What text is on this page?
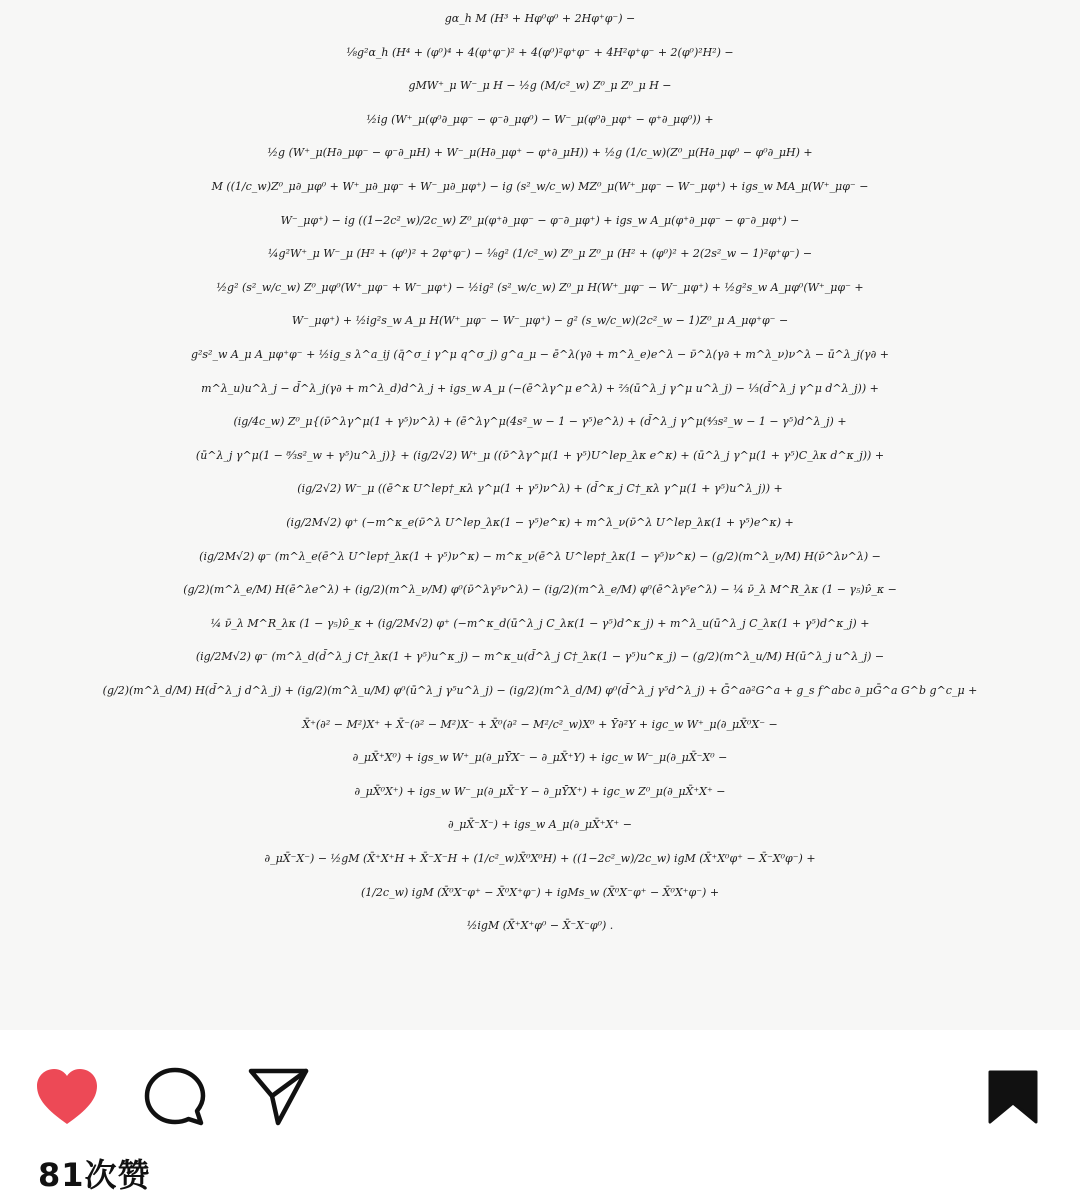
gα_h M (H³ + Hφ⁰φ⁰ + 2Hφ⁺φ⁻) −
⅛g²α_h (H⁴ + (φ⁰)⁴ + 4(φ⁺φ⁻)² + 4(φ⁰)²φ⁺φ⁻ + 4H²φ⁺φ⁻ + 2(φ⁰)²H²) −
gMW⁺_μ W⁻_μ H − ½g (M/c²_w) Z⁰_μ Z⁰_μ H −
½ig (W⁺_μ(φ⁰∂_μφ⁻ − φ⁻∂_μφ⁰) − W⁻_μ(φ⁰∂_μφ⁺ − φ⁺∂_μφ⁰)) +
½g (W⁺_μ(H∂_μφ⁻ − φ⁻∂_μH) + W⁻_μ(H∂_μφ⁺ − φ⁺∂_μH)) + ½g (1/c_w)(Z⁰_μ(H∂_μφ⁰ − φ⁰∂_μH) +
M ((1/c_w)Z⁰_μ∂_μφ⁰ + W⁺_μ∂_μφ⁻ + W⁻_μ∂_μφ⁺) − ig (s²_w/c_w) MZ⁰_μ(W⁺_μφ⁻ − W⁻_μφ⁺) + igs_w MA_μ(W⁺_μφ⁻ −
W⁻_μφ⁺) − ig ((1−2c²_w)/2c_w) Z⁰_μ(φ⁺∂_μφ⁻ − φ⁻∂_μφ⁺) + igs_w A_μ(φ⁺∂_μφ⁻ − φ⁻∂_μφ⁺) −
¼g²W⁺_μ W⁻_μ (H² + (φ⁰)² + 2φ⁺φ⁻) − ⅛g² (1/c²_w) Z⁰_μ Z⁰_μ (H² + (φ⁰)² + 2(2s²_w − 1)²φ⁺φ⁻) −
½g² (s²_w/c_w) Z⁰_μφ⁰(W⁺_μφ⁻ + W⁻_μφ⁺) − ½ig² (s²_w/c_w) Z⁰_μ H(W⁺_μφ⁻ − W⁻_μφ⁺) + ½g²s_w A_μφ⁰(W⁺_μφ⁻ +
W⁻_μφ⁺) + ½ig²s_w A_μ H(W⁺_μφ⁻ − W⁻_μφ⁺) − g² (s_w/c_w)(2c²_w − 1)Z⁰_μ A_μφ⁺φ⁻ −
g²s²_w A_μ A_μφ⁺φ⁻ + ½ig_s λ^a_ij (q̄^σ_i γ^μ q^σ_j) g^a_μ − ē^λ(γ∂ + m^λ_e)e^λ − ν̄^λ(γ∂ + m^λ_ν)ν^λ − ū^λ_j(γ∂ +
m^λ_u)u^λ_j − d̄^λ_j(γ∂ + m^λ_d)d^λ_j + igs_w A_μ (−(ē^λγ^μ e^λ) + ⅔(ū^λ_j γ^μ u^λ_j) − ⅓(d̄^λ_j γ^μ d^λ_j)) +
(ig/4c_w) Z⁰_μ{(ν̄^λγ^μ(1 + γ⁵)ν^λ) + (ē^λγ^μ(4s²_w − 1 − γ⁵)e^λ) + (d̄^λ_j γ^μ(⁴⁄₃s²_w − 1 − γ⁵)d^λ_j) +
(ū^λ_j γ^μ(1 − ⁸⁄₃s²_w + γ⁵)u^λ_j)} + (ig/2√2) W⁺_μ ((ν̄^λγ^μ(1 + γ⁵)U^lep_λκ e^κ) + (ū^λ_j γ^μ(1 + γ⁵)C_λκ d^κ_j)) +
(ig/2√2) W⁻_μ ((ē^κ U^lep†_κλ γ^μ(1 + γ⁵)ν^λ) + (d̄^κ_j C†_κλ γ^μ(1 + γ⁵)u^λ_j)) +
(ig/2M√2) φ⁺ (−m^κ_e(ν̄^λ U^lep_λκ(1 − γ⁵)e^κ) + m^λ_ν(ν̄^λ U^lep_λκ(1 + γ⁵)e^κ) +
(ig/2M√2) φ⁻ (m^λ_e(ē^λ U^lep†_λκ(1 + γ⁵)ν^κ) − m^κ_ν(ē^λ U^lep†_λκ(1 − γ⁵)ν^κ) − (g/2)(m^λ_ν/M) H(ν̄^λν^λ) −
(g/2)(m^λ_e/M) H(ē^λe^λ) + (ig/2)(m^λ_ν/M) φ⁰(ν̄^λγ⁵ν^λ) − (ig/2)(m^λ_e/M) φ⁰(ē^λγ⁵e^λ) − ¼ ν̄_λ M^R_λκ (1 − γ₅)ν̂_κ −
¼ ν̄_λ M^R_λκ (1 − γ₅)ν̂_κ + (ig/2M√2) φ⁺ (−m^κ_d(ū^λ_j C_λκ(1 − γ⁵)d^κ_j) + m^λ_u(ū^λ_j C_λκ(1 + γ⁵)d^κ_j) +
(ig/2M√2) φ⁻ (m^λ_d(d̄^λ_j C†_λκ(1 + γ⁵)u^κ_j) − m^κ_u(d̄^λ_j C†_λκ(1 − γ⁵)u^κ_j) − (g/2)(m^λ_u/M) H(ū^λ_j u^λ_j) −
(g/2)(m^λ_d/M) H(d̄^λ_j d^λ_j) + (ig/2)(m^λ_u/M) φ⁰(ū^λ_j γ⁵u^λ_j) − (ig/2)(m^λ_d/M) φ⁰(d̄^λ_j γ⁵d^λ_j) + Ḡ^a∂²G^a + g_s f^abc ∂_μḠ^a G^b g^c_μ +
X̄⁺(∂² − M²)X⁺ + X̄⁻(∂² − M²)X⁻ + X̄⁰(∂² − M²/c²_w)X⁰ + Ȳ∂²Y + igc_w W⁺_μ(∂_μX̄⁰X⁻ −
∂_μX̄⁺X⁰) + igs_w W⁺_μ(∂_μȲX⁻ − ∂_μX̄⁺Y) + igc_w W⁻_μ(∂_μX̄⁻X⁰ −
∂_μX̄⁰X⁺) + igs_w W⁻_μ(∂_μX̄⁻Y − ∂_μȲX⁺) + igc_w Z⁰_μ(∂_μX̄⁺X⁺ −
∂_μX̄⁻X⁻) + igs_w A_μ(∂_μX̄⁺X⁺ −
∂_μX̄⁻X⁻) − ½gM (X̄⁺X⁺H + X̄⁻X⁻H + (1/c²_w)X̄⁰X⁰H) + ((1−2c²_w)/2c_w) igM (X̄⁺X⁰φ⁺ − X̄⁻X⁰φ⁻) +
(1/2c_w) igM (X̄⁰X⁻φ⁺ − X̄⁰X⁺φ⁻) + igMs_w (X̄⁰X⁻φ⁺ − X̄⁰X⁺φ⁻) +
½igM (X̄⁺X⁺φ⁰ − X̄⁻X⁻φ⁰) .
81次赞
